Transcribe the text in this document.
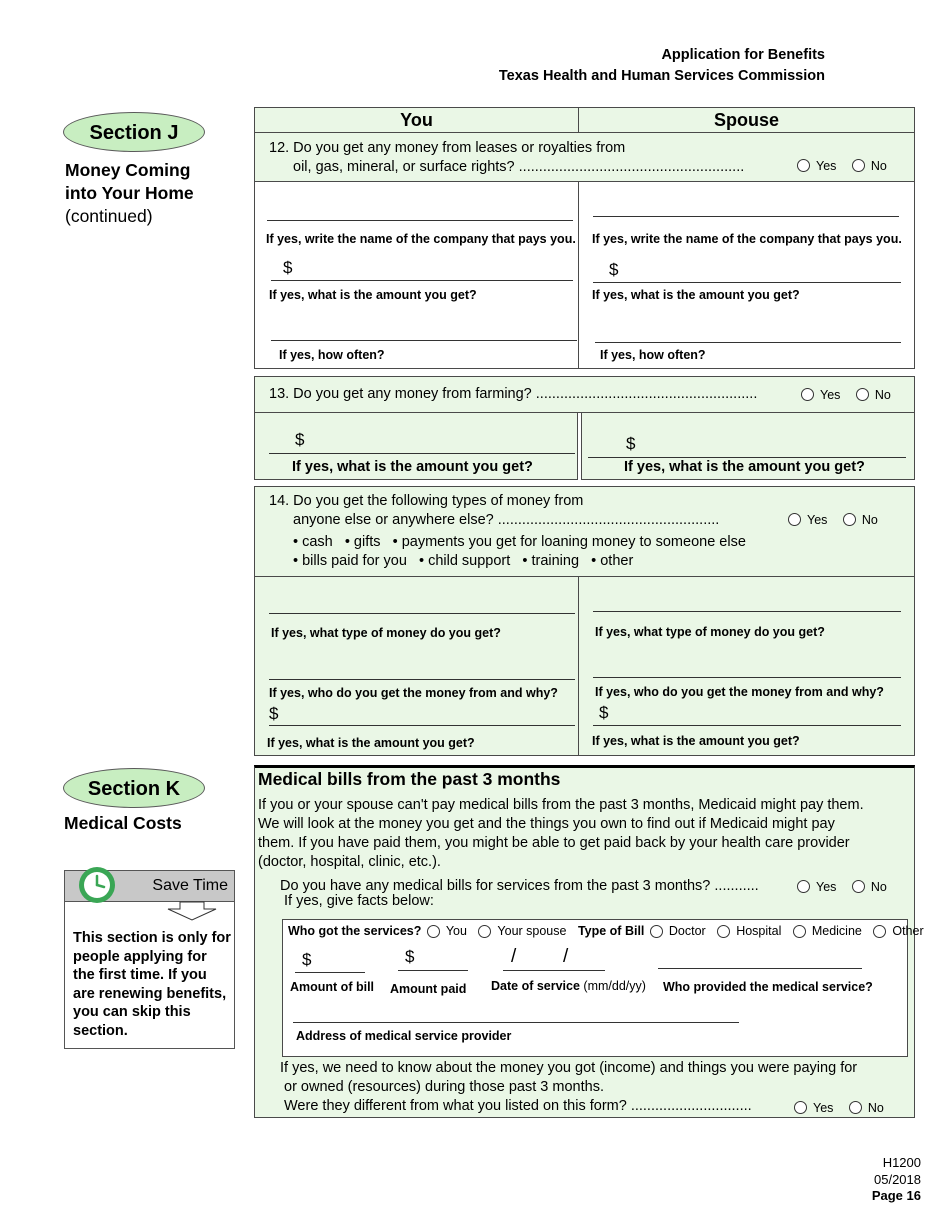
Application for Benefits
Texas Health and Human Services Commission
Section J
Money Coming
into Your Home
(continued)
You	Spouse
12. Do you get any money from leases or royalties from
oil, gas, mineral, or surface rights? ........................................................	Yes	No
If yes, write the name of the company that pays you.
$
If yes, what is the amount you get?
If yes, how often?
If yes, write the name of the company that pays you.
$
If yes, what is the amount you get?
If yes, how often?
13. Do you get any money from farming? .......................................................	Yes	No
$
If yes, what is the amount you get?
$
If yes, what is the amount you get?
14. Do you get the following types of money from
anyone else or anywhere else? .......................................................	Yes	No
• cash   • gifts   • payments you get for loaning money to someone else
• bills paid for you   • child support   • training   • other
If yes, what type of money do you get?
If yes, who do you get the money from and why?
$
If yes, what is the amount you get?
If yes, what type of money do you get?
If yes, who do you get the money from and why?
$
If yes, what is the amount you get?
Section K
Medical Costs
Save Time
This section is only for people applying for the first time. If you are renewing benefits, you can skip this section.
Medical bills from the past 3 months
If you or your spouse can't pay medical bills from the past 3 months, Medicaid might pay them.
We will look at the money you get and the things you own to find out if Medicaid might pay
them. If you have paid them, you might be able to get paid back by your health care provider
(doctor, hospital, clinic, etc.).
Do you have any medical bills for services from the past 3 months? ...........	Yes	No
If yes, give facts below:
Who got the services? You Your spouse Type of Bill Doctor Hospital Medicine Other
$
Amount of bill
$
Amount paid
/ /
Date of service (mm/dd/yy) Who provided the medical service?
Address of medical service provider
If yes, we need to know about the money you got (income) and things you were paying for
or owned (resources) during those past 3 months.
Were they different from what you listed on this form? ..............................	Yes	No
H1200
05/2018
Page 16
